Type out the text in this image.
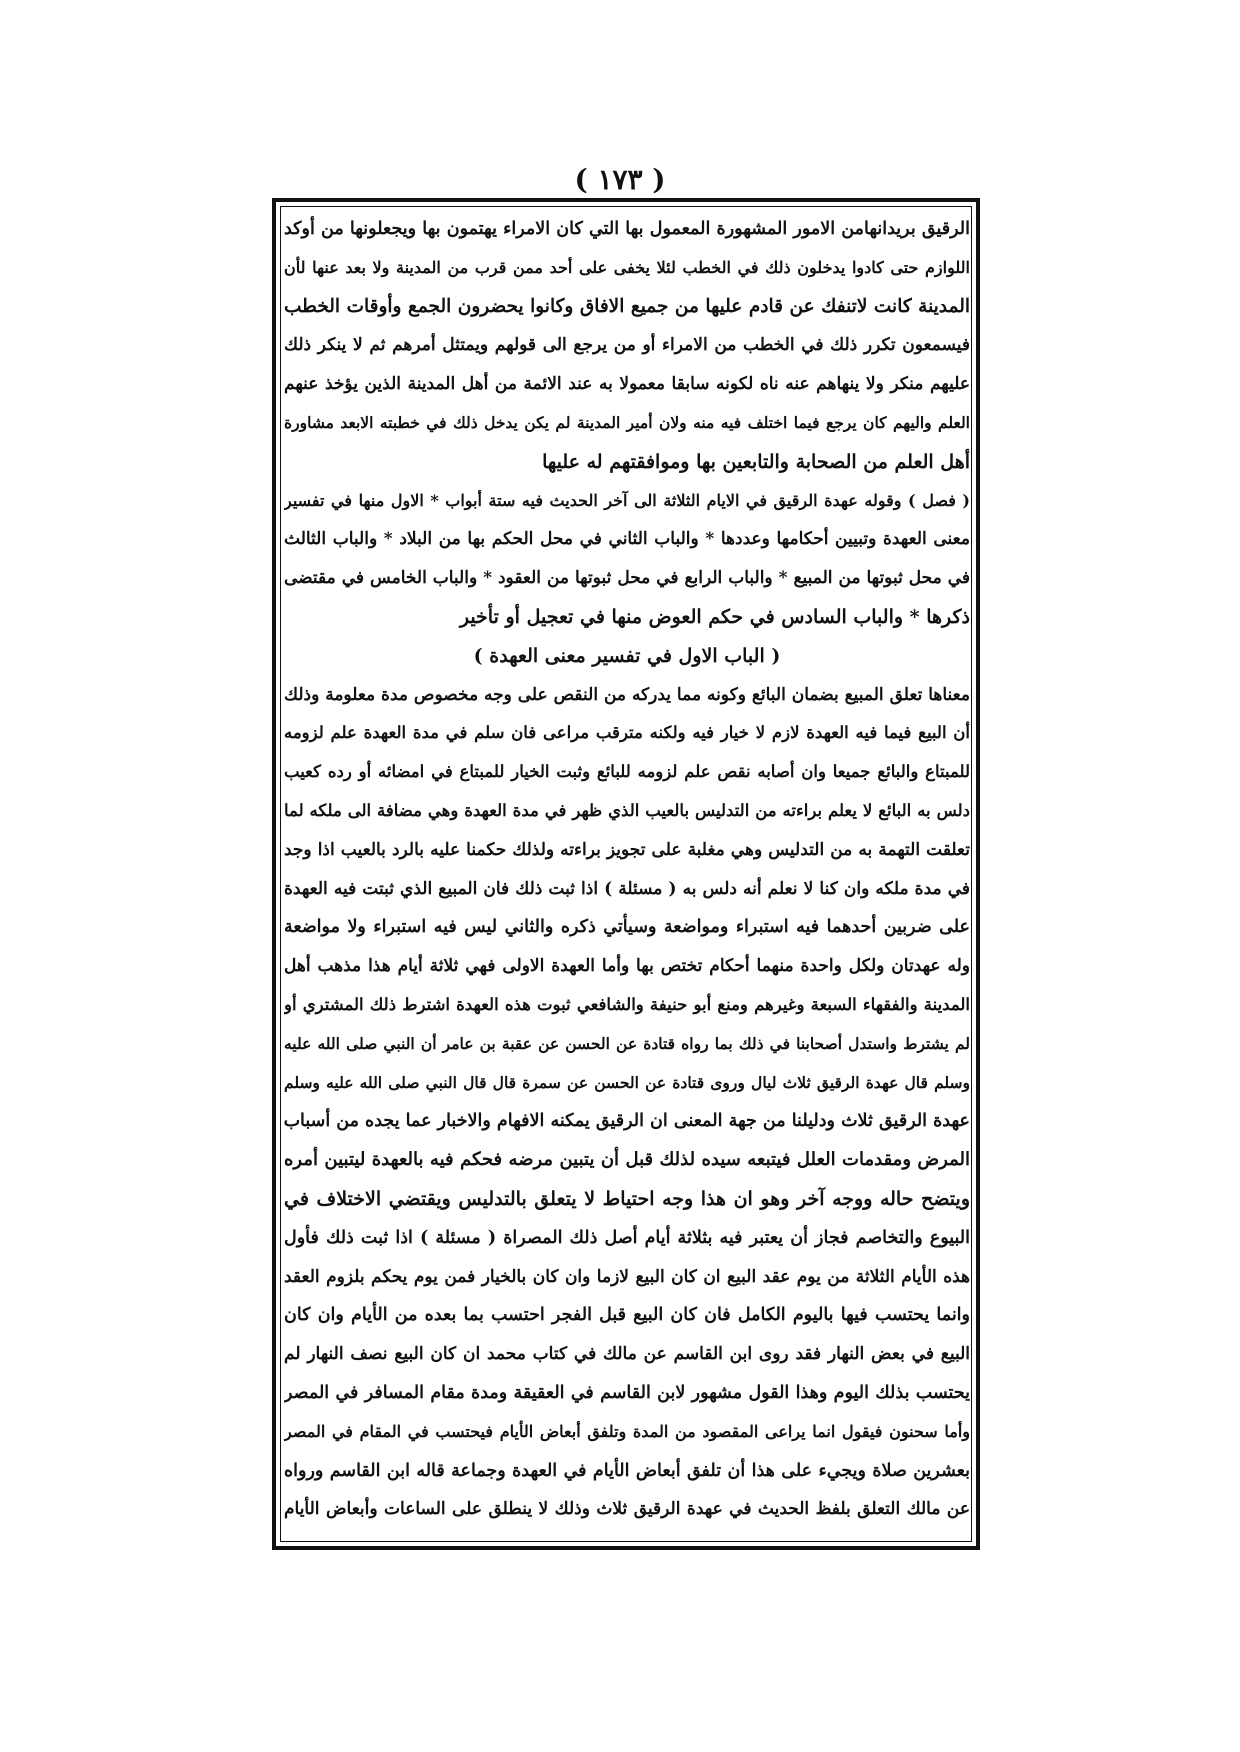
( ١٧٣ )
الرقيق بريدانهامن الامور المشهورة المعمول بها التي كان الامراء يهتمون بها ويجعلونها من أوكد
اللوازم حتى كادوا يدخلون ذلك في الخطب لئلا يخفى على أحد ممن قرب من المدينة ولا بعد عنها لأن
المدينة كانت لاتنفك عن قادم عليها من جميع الافاق وكانوا يحضرون الجمع وأوقات الخطب
فيسمعون تكرر ذلك في الخطب من الامراء أو من يرجع الى قولهم ويمتثل أمرهم ثم لا ينكر ذلك
عليهم منكر ولا ينهاهم عنه ناه لكونه سابقا معمولا به عند الائمة من أهل المدينة الذين يؤخذ عنهم
العلم واليهم كان يرجع فيما اختلف فيه منه ولان أمير المدينة لم يكن يدخل ذلك في خطبته الابعد مشاورة
أهل العلم من الصحابة والتابعين بها وموافقتهم له عليها
( فصل ) وقوله عهدة الرقيق في الايام الثلاثة الى آخر الحديث فيه ستة أبواب * الاول منها في تفسير
معنى العهدة وتبيين أحكامها وعددها * والباب الثاني في محل الحكم بها من البلاد * والباب الثالث
في محل ثبوتها من المبيع * والباب الرابع في محل ثبوتها من العقود * والباب الخامس في مقتضى
ذكرها * والباب السادس في حكم العوض منها في تعجيل أو تأخير
( الباب الاول في تفسير معنى العهدة )
معناها تعلق المبيع بضمان البائع وكونه مما يدركه من النقص على وجه مخصوص مدة معلومة وذلك
أن البيع فيما فيه العهدة لازم لا خيار فيه ولكنه مترقب مراعى فان سلم في مدة العهدة علم لزومه
للمبتاع والبائع جميعا وان أصابه نقص علم لزومه للبائع وثبت الخيار للمبتاع في امضائه أو رده كعيب
دلس به البائع لا يعلم براءته من التدليس بالعيب الذي ظهر في مدة العهدة وهي مضافة الى ملكه لما
تعلقت التهمة به من التدليس وهي مغلبة على تجويز براءته ولذلك حكمنا عليه بالرد بالعيب اذا وجد
في مدة ملكه وان كنا لا نعلم أنه دلس به ( مسئلة ) اذا ثبت ذلك فان المبيع الذي ثبتت فيه العهدة
على ضربين أحدهما فيه استبراء ومواضعة وسيأتي ذكره والثاني ليس فيه استبراء ولا مواضعة
وله عهدتان ولكل واحدة منهما أحكام تختص بها وأما العهدة الاولى فهي ثلاثة أيام هذا مذهب أهل
المدينة والفقهاء السبعة وغيرهم ومنع أبو حنيفة والشافعي ثبوت هذه العهدة اشترط ذلك المشتري أو
لم يشترط واستدل أصحابنا في ذلك بما رواه قتادة عن الحسن عن عقبة بن عامر أن النبي صلى الله عليه
وسلم قال عهدة الرقيق ثلاث ليال وروى قتادة عن الحسن عن سمرة قال قال النبي صلى الله عليه وسلم
عهدة الرقيق ثلاث ودليلنا من جهة المعنى ان الرقيق يمكنه الافهام والاخبار عما يجده من أسباب
المرض ومقدمات العلل فيتبعه سيده لذلك قبل أن يتبين مرضه فحكم فيه بالعهدة ليتبين أمره
ويتضح حاله ووجه آخر وهو ان هذا وجه احتياط لا يتعلق بالتدليس ويقتضي الاختلاف في
البيوع والتخاصم فجاز أن يعتبر فيه بثلاثة أيام أصل ذلك المصراة ( مسئلة ) اذا ثبت ذلك فأول
هذه الأيام الثلاثة من يوم عقد البيع ان كان البيع لازما وان كان بالخيار فمن يوم يحكم بلزوم العقد
وانما يحتسب فيها باليوم الكامل فان كان البيع قبل الفجر احتسب بما بعده من الأيام وان كان
البيع في بعض النهار فقد روى ابن القاسم عن مالك في كتاب محمد ان كان البيع نصف النهار لم
يحتسب بذلك اليوم وهذا القول مشهور لابن القاسم في العقيقة ومدة مقام المسافر في المصر
وأما سحنون فيقول انما يراعى المقصود من المدة وتلفق أبعاض الأيام فيحتسب في المقام في المصر
بعشرين صلاة ويجيء على هذا أن تلفق أبعاض الأيام في العهدة وجماعة قاله ابن القاسم ورواه
عن مالك التعلق بلفظ الحديث في عهدة الرقيق ثلاث وذلك لا ينطلق على الساعات وأبعاض الأيام
